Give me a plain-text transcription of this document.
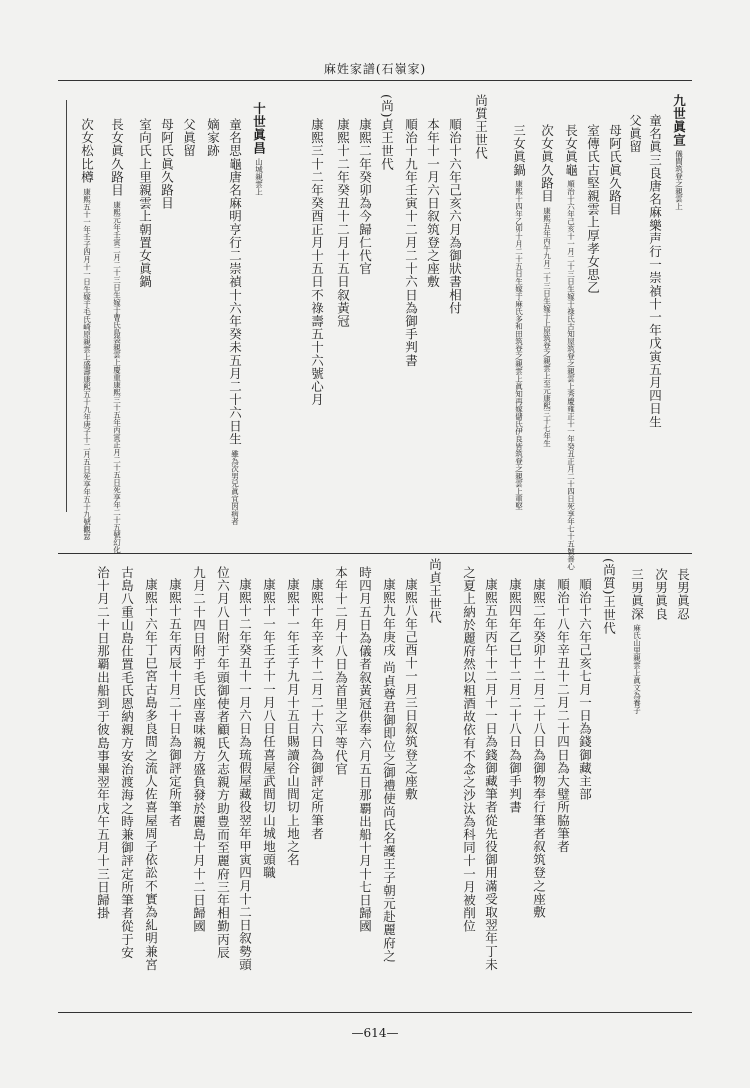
麻姓家譜(石嶺家)
九世眞宣儀間筑登之親雲上
童名眞三良唐名麻樂声行一崇禎十一年戊寅五月四日生
父眞留
母阿氏眞久路目
室傳氏古堅親雲上厚孝女思乙
長女眞龜順治十六年己亥十一月二十三日生嫁于祿氏古知屋筑登之親雲上秀慶雍正十一年癸丑正月二十四日死享年七十五號善心
次女眞久路目康熙五年丙午九月二十三日生嫁于上原筑登之親雲上至元康熙三十七年生
三女眞鍋康熙十四年乙卯十月二十五日生嫁于麻氏多和田筑登之親雲上眞知再嫁儲氏伊良皆筑登之親雲上重堅
尚質王世代
順治十六年己亥六月為御狀書相付
本年十一月六日叙筑登之座敷
順治十九年壬寅十二月二十六日為御手判書
(尚)貞王世代
康熙二年癸卯為今歸仁代官
康熙十二年癸丑十二月十五日叙黃冠
康熙三十二年癸酉正月十五日不祿壽五十六號心月
十世眞昌山城親雲上
童名思龜唐名麻明亨行二崇禎十六年癸未五月二十六日生雖為次男兄眞宜因病者
嫡家跡
父眞留
母阿氏眞久路目
室向氏上里親雲上朝置女眞鍋
長女眞久路目康熙元年壬寅二月二十三日生嫁于曹氏島袋親雲上慶重康熙三十五年丙寅正月二十五日死享年二十五號幻化
次女松比樽康熙五十一年壬子四月十一日生嫁于毛氏崎原親雲上盛壽康熙五十九年庚子十二月五日死享年五十九號觀窓
長男眞忍
次男眞良
三男眞深麻氏山里親雲上眞文為養子
(尚質)王世代
順治十六年己亥七月一日為錢御藏主部
順治十八年辛丑十二月二十四日為大璧所脇筆者
康熙二年癸卯十二月二十八日為御物奉行筆者叙筑登之座敷
康熙四年乙巳十二月二十八日為御手判書
康熙五年丙午十二月十一日為錢御藏筆者從先役御用滿受取翌年丁未
之夏上納於麗府然以粗酒故依有不念之沙汰為科同十一月被削位
尚貞王世代
康熙八年己酉十一月三日叙筑登之座敷
康熙九年庚戌 尚貞尊君御即位之御禮使尚氏名護王子朝元赴麗府之
時四月五日為儀者叙黃冠供奉六月五日那覇出船十月十七日歸國
本年十二月十八日為首里之平等代官
康熙十年辛亥十二月二十六日為御評定所筆者
康熙十一年壬子九月十五日賜讀谷山間切上地之名
康熙十一年壬子十一月八日任喜屋武間切山城地頭職
康熙十二年癸丑十一月六日為琉假屋藏役翌年甲寅四月十二日叙勢頭
位六月八日附于年頭御使者顧氏久志親方助豊而至麗府三年相勤丙辰
九月二十四日附于毛氏座喜味親方盛負發於麗島十月十二日歸國
康熙十五年丙辰十月二十日為御評定所筆者
康熙十六年丁巳宮古島多良間之流人佐喜屋周子依訟不實為糺明兼宮
古島八重山島仕置毛氏恩納親方安治渡海之時兼御評定所筆者從于安
治十月二十日那覇出船到于彼島事畢翌年戊午五月十三日歸掛
—614—
